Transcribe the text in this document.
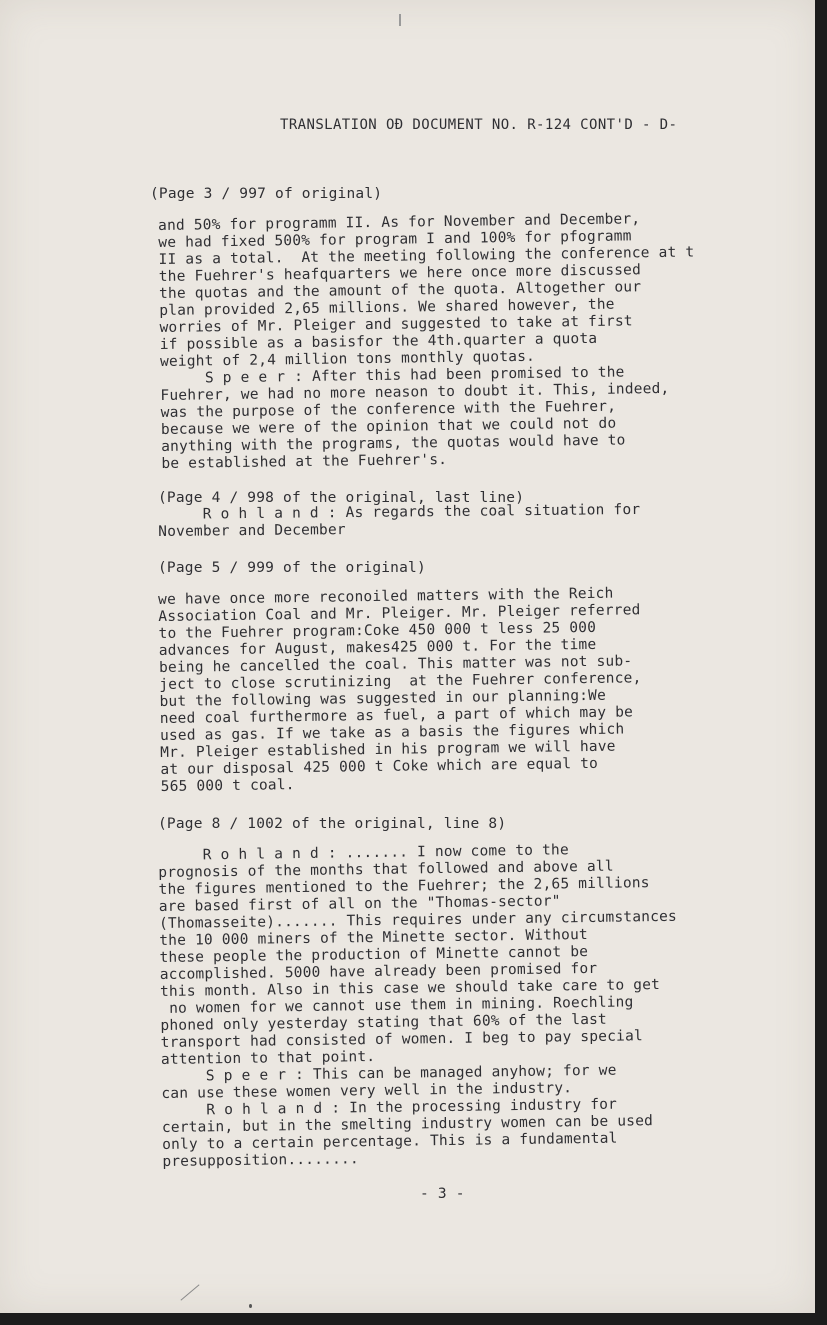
TRANSLATION OÐ DOCUMENT NO. R-124 CONT'D - D-
(Page 3 / 997 of original)
and 50% for programm II. As for November and December,
we had fixed 500% for program I and 100% for pfogramm
II as a total.  At the meeting following the conference at t
the Fuehrer's heafquarters we here once more discussed
the quotas and the amount of the quota. Altogether our
plan provided 2,65 millions. We shared however, the
worries of Mr. Pleiger and suggested to take at first
if possible as a basisfor the 4th.quarter a quota
weight of 2,4 million tons monthly quotas.
S p e e r : After this had been promised to the
Fuehrer, we had no more neason to doubt it. This, indeed,
was the purpose of the conference with the Fuehrer,
because we were of the opinion that we could not do
anything with the programs, the quotas would have to
be established at the Fuehrer's.
(Page 4 / 998 of the original, last line)
R o h l a n d : As regards the coal situation for
November and December
(Page 5 / 999 of the original)
we have once more reconoiled matters with the Reich
Association Coal and Mr. Pleiger. Mr. Pleiger referred
to the Fuehrer program:Coke 450 000 t less 25 000
advances for August, makes425 000 t. For the time
being he cancelled the coal. This matter was not sub-
ject to close scrutinizing  at the Fuehrer conference,
but the following was suggested in our planning:We
need coal furthermore as fuel, a part of which may be
used as gas. If we take as a basis the figures which
Mr. Pleiger established in his program we will have
at our disposal 425 000 t Coke which are equal to
565 000 t coal.
(Page 8 / 1002 of the original, line 8)
R o h l a n d : ....... I now come to the
prognosis of the months that followed and above all
the figures mentioned to the Fuehrer; the 2,65 millions
are based first of all on the "Thomas-sector"
(Thomasseite)....... This requires under any circumstances
the 10 000 miners of the Minette sector. Without
these people the production of Minette cannot be
accomplished. 5000 have already been promised for
this month. Also in this case we should take care to get
no women for we cannot use them in mining. Roechling
phoned only yesterday stating that 60% of the last
transport had consisted of women. I beg to pay special
attention to that point.
S p e e r : This can be managed anyhow; for we
can use these women very well in the industry.
R o h l a n d : In the processing industry for
certain, but in the smelting industry women can be used
only to a certain percentage. This is a fundamental
presupposition........
- 3 -
